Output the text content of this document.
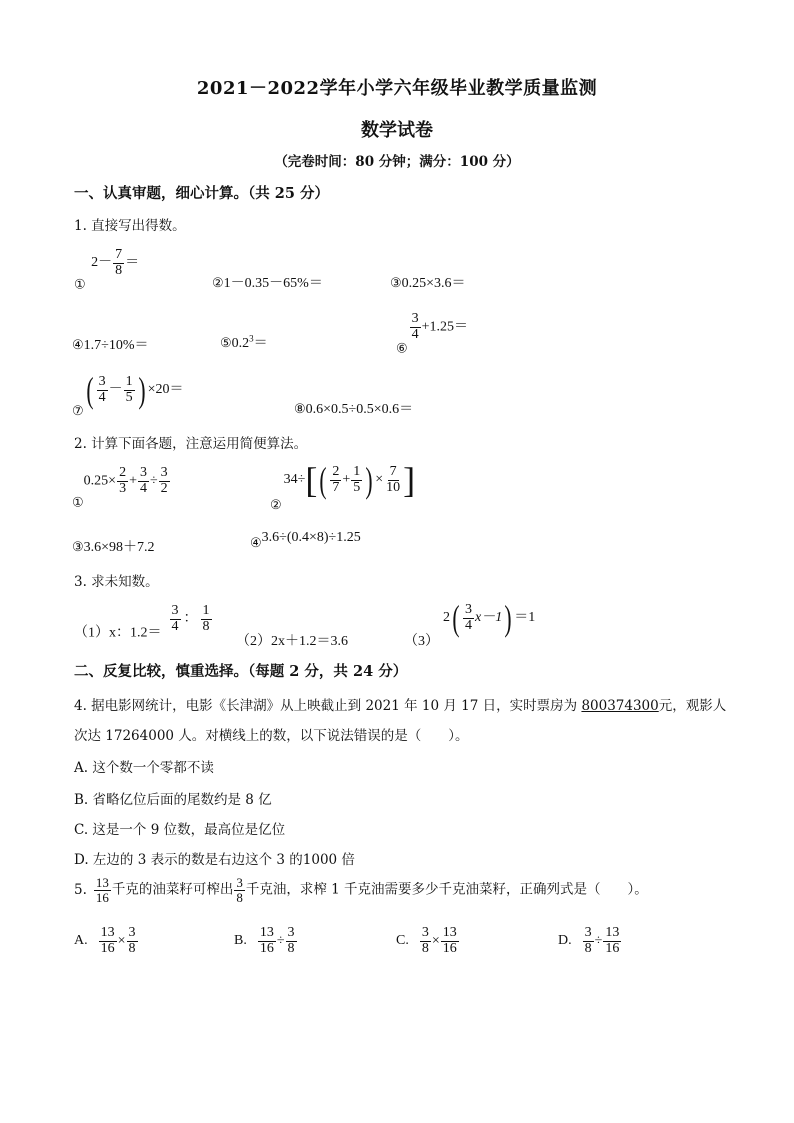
2021－2022学年小学六年级毕业教学质量监测
数学试卷
（完卷时间：80 分钟；满分：100 分）
一、认真审题，细心计算。（共 25 分）
1. 直接写出得数。
① $2- \frac{7}{8}$ ＝
②1－0.35－65%＝	③0.25×3.6＝
④1.7÷10%＝	$⑤0.2^3=$	⑥
$\frac{3}{4} +1.25=$
⑦( $\frac{3}{4} - \frac{1}{5}$ ) ×20＝
⑧0.6×0.5÷0.5×0.6＝
2. 计算下面各题，注意运用简便算法。
①0.25× $\frac{2}{3} + \frac{3}{4} \div \frac{3}{2}$
②34÷[( $\frac{2}{7} + \frac{1}{5}$ ) × $\frac{7}{10}$ ]
③3.6×98＋7.2	④3.6÷(0.4×8)÷1.25
3. 求未知数。
（1）x：$1.2= \frac{3}{4}$ ： $\frac{1}{8}$
（2）2x＋1.2＝3.6	$(3)2( \frac{3}{4} x-1) =1$
二、反复比较，慎重选择。（每题 2 分，共 24 分）
4. 据电影网统计，电影《长津湖》从上映截止到 2021 年 10 月 17 日，实时票房为 800374300元，观影人
次达 17264000 人。对横线上的数，以下说法错误的是（　　）。
A. 这个数一个零都不读
B. 省略亿位后面的尾数约是 8 亿
C. 这是一个 9 位数，最高位是亿位
D. 左边的 3 表示的数是右边这个 3 的1000 倍
5. $\frac{13}{16}$ 千克的油菜籽可榨出 $\frac{3}{8}$ 千克油，求榨 1 千克油需要多少千克油菜籽，正确列式是（　　）。
A. $\frac{13}{16} \times \frac{3}{8}$	B. $\frac{13}{16} \div \frac{3}{8}$	C. $\frac{3}{8} \times \frac{13}{16}$	D. $\frac{3}{8} \div \frac{13}{16}$
